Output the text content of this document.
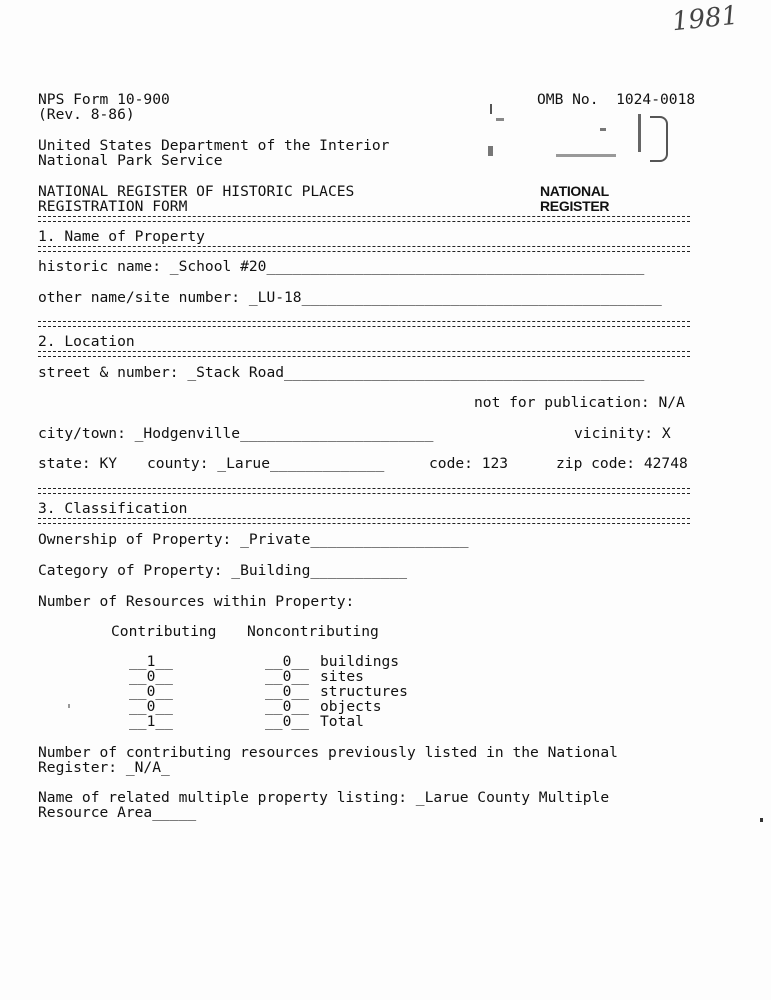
1981
NPS Form 10-900
(Rev. 8-86)
OMB No.  1024-0018
United States Department of the Interior
National Park Service
NATIONAL REGISTER OF HISTORIC PLACES
REGISTRATION FORM
NATIONAL
REGISTER
1. Name of Property
historic name: _School #20___________________________________________
other name/site number: _LU-18_________________________________________
2. Location
street & number: _Stack Road_________________________________________
not for publication: N/A
city/town: _Hodgenville______________________	vicinity: X
state: KY county: _Larue_____________	code: 123	zip code: 42748
3. Classification
Ownership of Property: _Private__________________
Category of Property: _Building___________
Number of Resources within Property:
Contributing Noncontributing
__1__	__0__ buildings
__0__	__0__ sites
__0__	__0__ structures
__0__	__0__ objects
__1__	__0__ Total
Number of contributing resources previously listed in the National
Register: _N/A_
Name of related multiple property listing: _Larue County Multiple
Resource Area_____
